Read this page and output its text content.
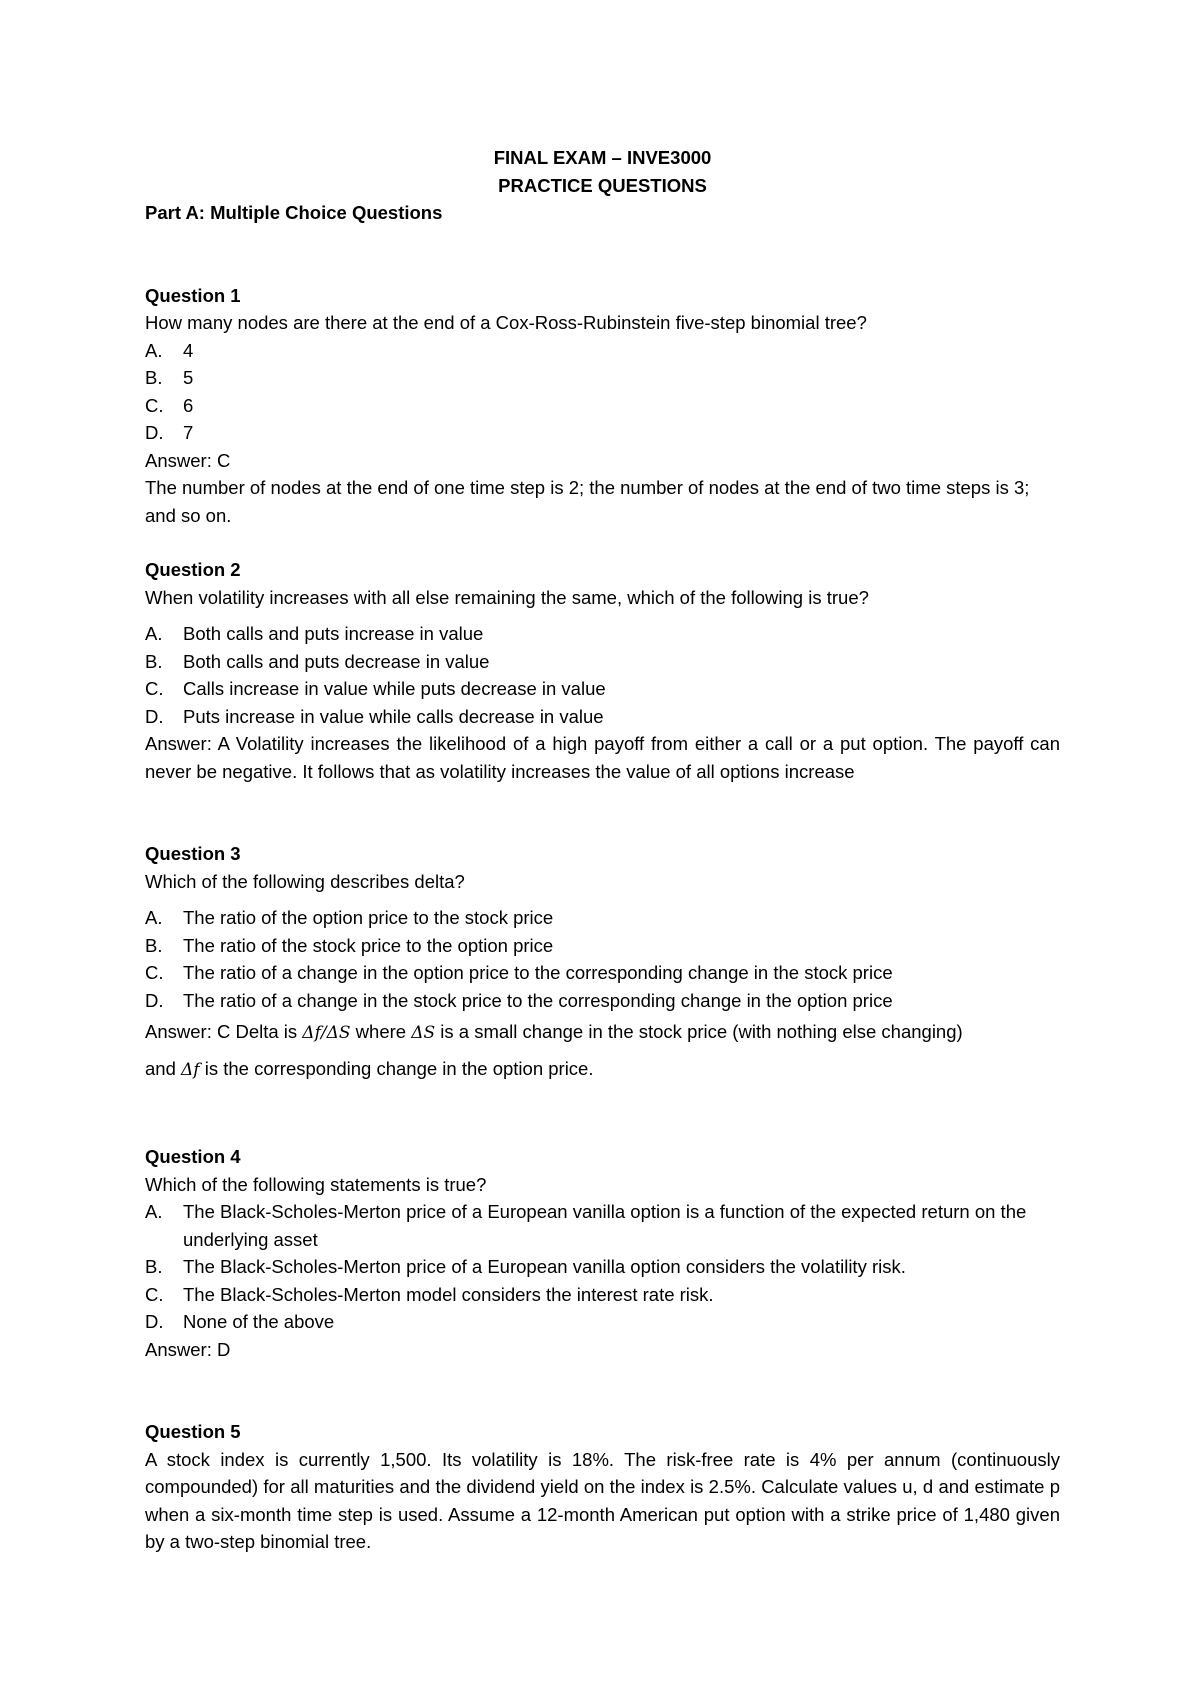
FINAL EXAM – INVE3000
PRACTICE QUESTIONS
Part A: Multiple Choice Questions
Question 1
How many nodes are there at the end of a Cox-Ross-Rubinstein five-step binomial tree?
A.	4
B.	5
C.	6
D.	7
Answer: C
The number of nodes at the end of one time step is 2; the number of nodes at the end of two time steps is 3; and so on.
Question 2
When volatility increases with all else remaining the same, which of the following is true?
A.	Both calls and puts increase in value
B.	Both calls and puts decrease in value
C.	Calls increase in value while puts decrease in value
D.	Puts increase in value while calls decrease in value
Answer: A Volatility increases the likelihood of a high payoff from either a call or a put option. The payoff can never be negative. It follows that as volatility increases the value of all options increase
Question 3
Which of the following describes delta?
A.	The ratio of the option price to the stock price
B.	The ratio of the stock price to the option price
C.	The ratio of a change in the option price to the corresponding change in the stock price
D.	The ratio of a change in the stock price to the corresponding change in the option price
Answer: C Delta is Δf/ΔS where ΔS is a small change in the stock price (with nothing else changing)
and Δf is the corresponding change in the option price.
Question 4
Which of the following statements is true?
A.	The Black-Scholes-Merton price of a European vanilla option is a function of the expected return on the underlying asset
B.	The Black-Scholes-Merton price of a European vanilla option considers the volatility risk.
C.	The Black-Scholes-Merton model considers the interest rate risk.
D.	None of the above
Answer: D
Question 5
A stock index is currently 1,500. Its volatility is 18%. The risk-free rate is 4% per annum (continuously compounded) for all maturities and the dividend yield on the index is 2.5%. Calculate values u, d and estimate p when a six-month time step is used. Assume a 12-month American put option with a strike price of 1,480 given by a two-step binomial tree.
